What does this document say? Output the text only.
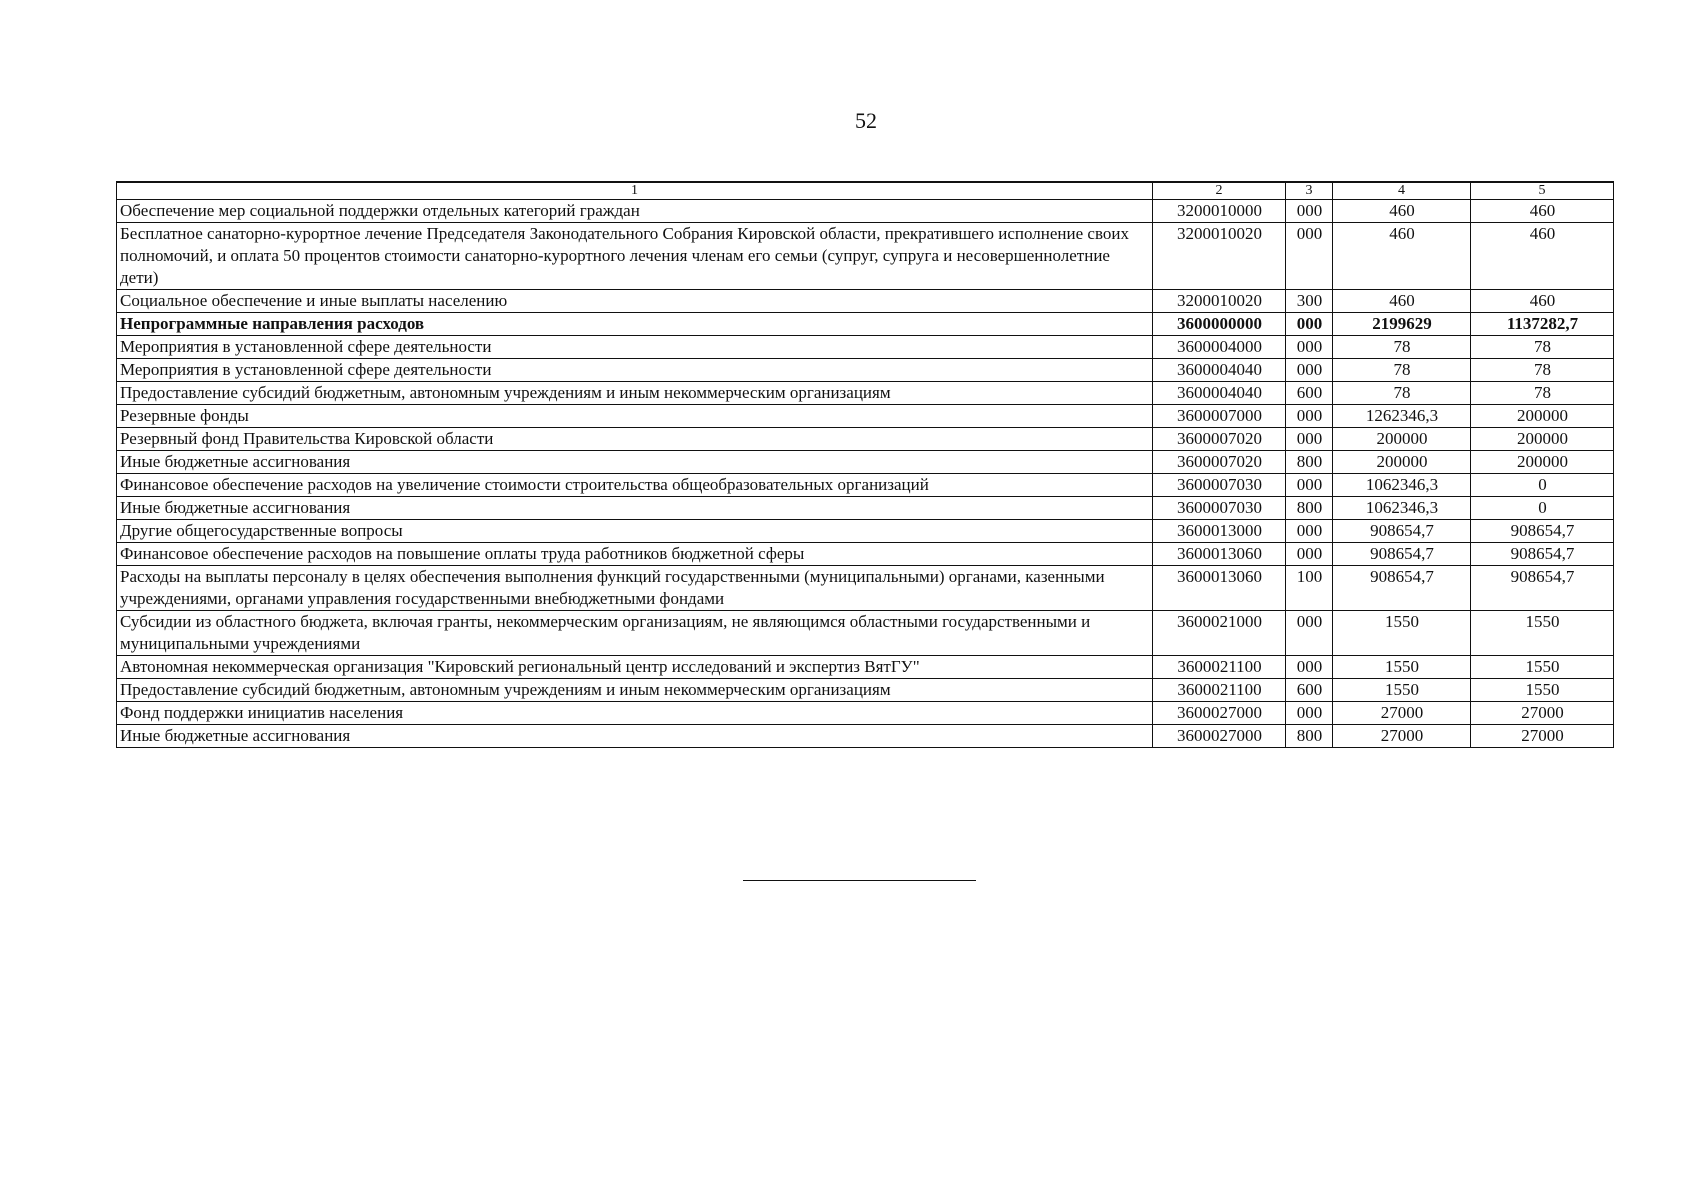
52
1	2	3	4	5
Обеспечение мер социальной поддержки отдельных категорий граждан	3200010000	000	460	460
Бесплатное санаторно-курортное лечение Председателя Законодательного Собрания Кировской области, прекратившего исполнение своих полномочий, и оплата 50 процентов стоимости санаторно-курортного лечения членам его семьи (супруг, супруга и несовершеннолетние дети)	3200010020	000	460	460
Социальное обеспечение и иные выплаты населению	3200010020	300	460	460
Непрограммные направления расходов	3600000000	000	2199629	1137282,7
Мероприятия в установленной сфере деятельности	3600004000	000	78	78
Мероприятия в установленной сфере деятельности	3600004040	000	78	78
Предоставление субсидий бюджетным, автономным учреждениям и иным некоммерческим организациям	3600004040	600	78	78
Резервные фонды	3600007000	000	1262346,3	200000
Резервный фонд Правительства Кировской области	3600007020	000	200000	200000
Иные бюджетные ассигнования	3600007020	800	200000	200000
Финансовое обеспечение расходов на увеличение стоимости строительства общеобразовательных организаций	3600007030	000	1062346,3	0
Иные бюджетные ассигнования	3600007030	800	1062346,3	0
Другие общегосударственные вопросы	3600013000	000	908654,7	908654,7
Финансовое обеспечение расходов на повышение оплаты труда работников бюджетной сферы	3600013060	000	908654,7	908654,7
Расходы на выплаты персоналу в целях обеспечения выполнения функций государственными (муниципальными) органами, казенными учреждениями, органами управления государственными внебюджетными фондами	3600013060	100	908654,7	908654,7
Субсидии из областного бюджета, включая гранты, некоммерческим организациям, не являющимся областными государственными и муниципальными учреждениями	3600021000	000	1550	1550
Автономная некоммерческая организация "Кировский региональный центр исследований и экспертиз ВятГУ"	3600021100	000	1550	1550
Предоставление субсидий бюджетным, автономным учреждениям и иным некоммерческим организациям	3600021100	600	1550	1550
Фонд поддержки инициатив населения	3600027000	000	27000	27000
Иные бюджетные ассигнования	3600027000	800	27000	27000
